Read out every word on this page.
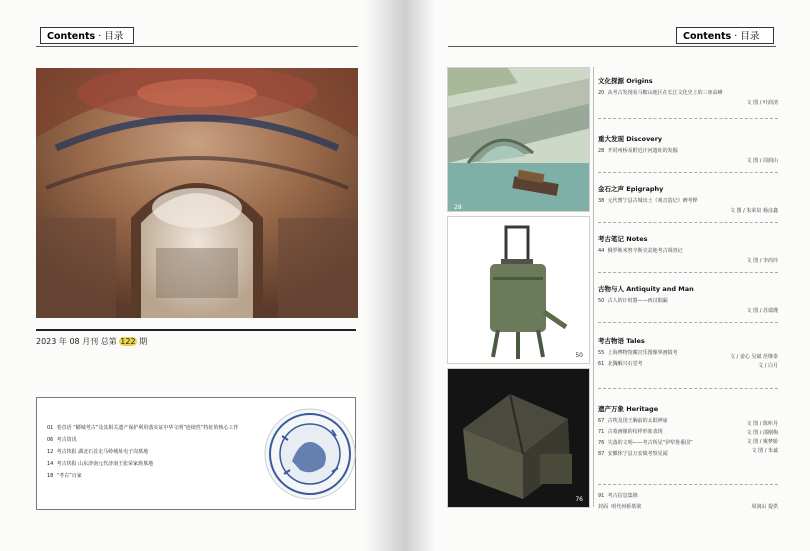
Contents · 目录
2023 年 08 月刊 总第 122 期
01 卷首语 “郾城考古”及其相关遗产保护利用落实证中华文明“连续性”特征的核心工作
06 考古资讯
12 考古快报 湖北石首走马岭城址屯子岗墓地
14 考古快报 山东济南元代济南王张荣家族墓地
18 “考古”百家
Contents · 目录
28
50
76
文化探源 Origins
20 从考古发现看马鞍山地区在长江文化史上的三座高峰
文 图 / 叶润清
重大发现 Discovery
28 开封州桥及附近汴河遗址的发掘
文 图 / 周润山
金石之声 Epigraphy
38 元代曹宁县古城出土《观音造记》碑考释
文 图 / 朱荣泉 杨彦鑫
考古笔记 Notes
44 俄罗斯米努辛斯克盆地考古调查记
文 图 / 李尚玲
古物与人 Antiquity and Man
50 古人的计时器——西汉铜漏
文 图 / 苏瑞瑾
考古物语 Tales
55 上海博物馆藏宫乐图像界画镜考
61 北魏解兴石堂考
文 / 姜心 吴斌 范继泰
文 / 白月
遗产万象 Heritage
67 古埃及国王胸前的太阳神庙
71 古墓画像的纹样形象表现
76 失落的文明——考古所见“伊犁鲁番国”
87 安徽休宁县万安镇考察见闻
文 图 / 陈咔丹
文 图 / 邵刚梅
文 图 / 姚梦娇
文 图 / 朱诚
91 考古信息集锦
封面 明代州桥墓梁	周润山 提供
